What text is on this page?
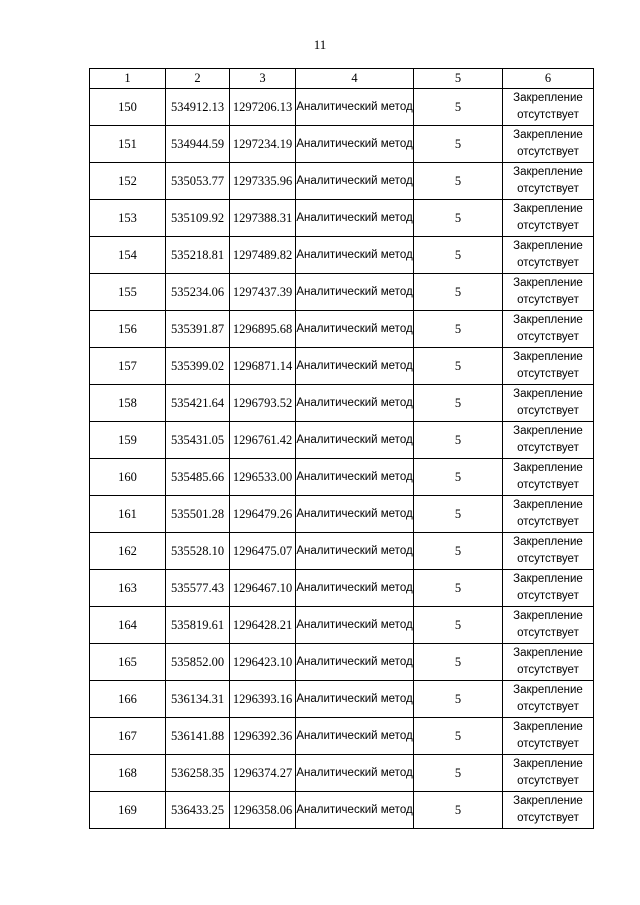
11
1	2	3	4	5	6
150	534912.13	1297206.13	Аналитический метод	5	Закрепление отсутствует
151	534944.59	1297234.19	Аналитический метод	5	Закрепление отсутствует
152	535053.77	1297335.96	Аналитический метод	5	Закрепление отсутствует
153	535109.92	1297388.31	Аналитический метод	5	Закрепление отсутствует
154	535218.81	1297489.82	Аналитический метод	5	Закрепление отсутствует
155	535234.06	1297437.39	Аналитический метод	5	Закрепление отсутствует
156	535391.87	1296895.68	Аналитический метод	5	Закрепление отсутствует
157	535399.02	1296871.14	Аналитический метод	5	Закрепление отсутствует
158	535421.64	1296793.52	Аналитический метод	5	Закрепление отсутствует
159	535431.05	1296761.42	Аналитический метод	5	Закрепление отсутствует
160	535485.66	1296533.00	Аналитический метод	5	Закрепление отсутствует
161	535501.28	1296479.26	Аналитический метод	5	Закрепление отсутствует
162	535528.10	1296475.07	Аналитический метод	5	Закрепление отсутствует
163	535577.43	1296467.10	Аналитический метод	5	Закрепление отсутствует
164	535819.61	1296428.21	Аналитический метод	5	Закрепление отсутствует
165	535852.00	1296423.10	Аналитический метод	5	Закрепление отсутствует
166	536134.31	1296393.16	Аналитический метод	5	Закрепление отсутствует
167	536141.88	1296392.36	Аналитический метод	5	Закрепление отсутствует
168	536258.35	1296374.27	Аналитический метод	5	Закрепление отсутствует
169	536433.25	1296358.06	Аналитический метод	5	Закрепление отсутствует
